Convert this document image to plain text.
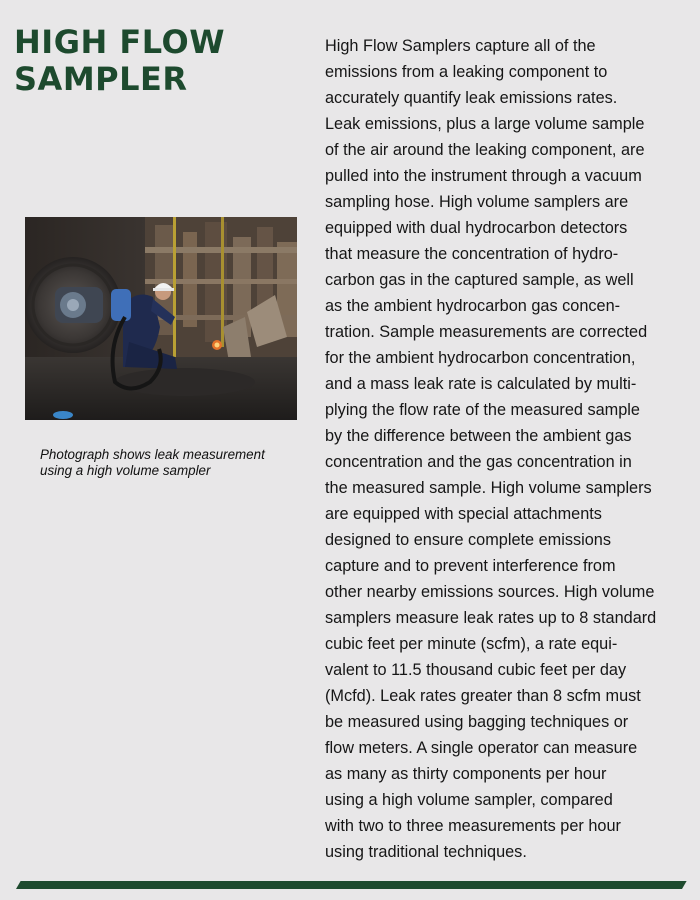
HIGH FLOW
SAMPLER
Photograph shows leak measurement
using a high volume sampler
High Flow Samplers capture all of the
emissions from a leaking component to
accurately quantify leak emissions rates.
Leak emissions, plus a large volume sample
of the air around the leaking component, are
pulled into the instrument through a vacuum
sampling hose. High volume samplers are
equipped with dual hydrocarbon detectors
that measure the concentration of hydro-
carbon gas in the captured sample, as well
as the ambient hydrocarbon gas concen-
tration. Sample measurements are corrected
for the ambient hydrocarbon concentration,
and a mass leak rate is calculated by multi-
plying the flow rate of the measured sample
by the difference between the ambient gas
concentration and the gas concentration in
the measured sample. High volume samplers
are equipped with special attachments
designed to ensure complete emissions
capture and to prevent interference from
other nearby emissions sources. High volume
samplers measure leak rates up to 8 standard
cubic feet per minute (scfm), a rate equi-
valent to 11.5 thousand cubic feet per day
(Mcfd). Leak rates greater than 8 scfm must
be measured using bagging techniques or
flow meters. A single operator can measure
as many as thirty components per hour
using a high volume sampler, compared
with two to three measurements per hour
using traditional techniques.
